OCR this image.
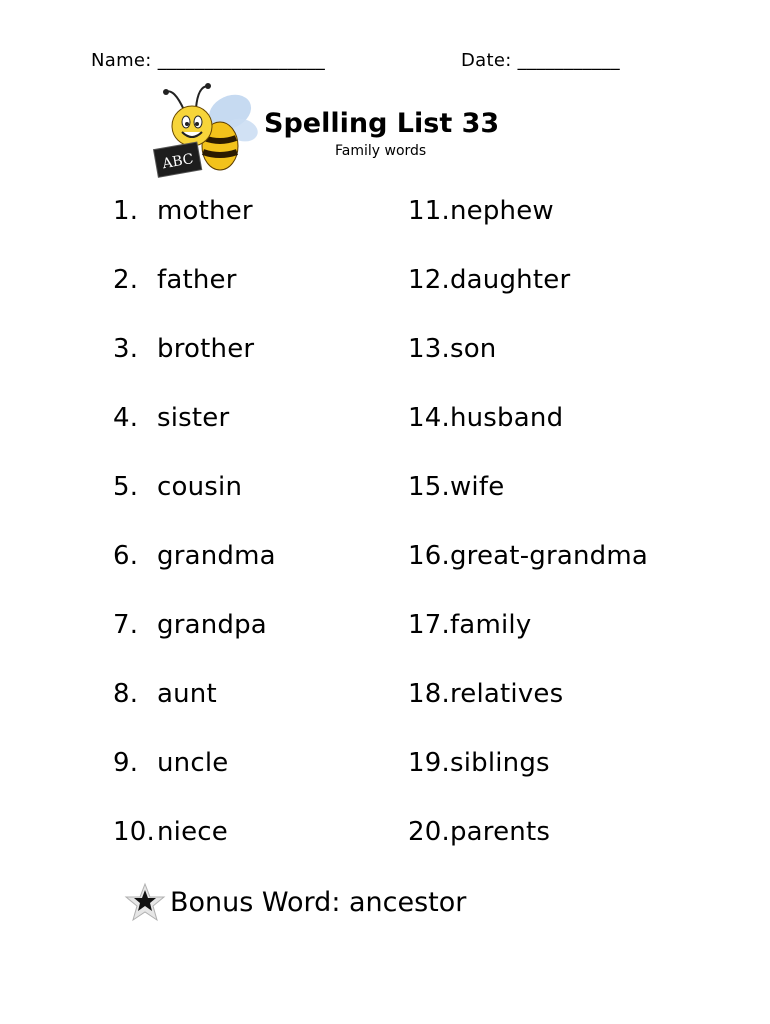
Name: __________________	Date: ___________
ABC
Spelling List 33
Family words
1. mother
2. father
3. brother
4. sister
5. cousin
6. grandma
7. grandpa
8. aunt
9. uncle
10.niece
11.nephew
12.daughter
13.son
14.husband
15.wife
16.great-grandma
17.family
18.relatives
19.siblings
20.parents
Bonus Word: ancestor
